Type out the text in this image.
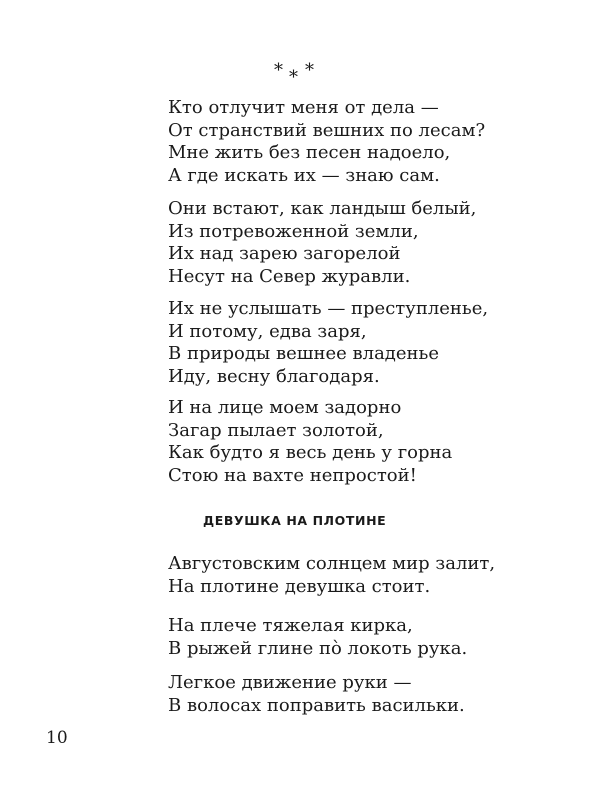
* * *
Кто отлучит меня от дела —
От странствий вешних по лесам?
Мне жить без песен надоело,
А где искать их — знаю сам.
Они встают, как ландыш белый,
Из потревоженной земли,
Их над зарею загорелой
Несут на Север журавли.
Их не услышать — преступленье,
И потому, едва заря,
В природы вешнее владенье
Иду, весну благодаря.
И на лице моем задорно
Загар пылает золотой,
Как будто я весь день у горна
Стою на вахте непростой!
ДЕВУШКА НА ПЛОТИНЕ
Августовским солнцем мир залит,
На плотине девушка стоит.
На плече тяжелая кирка,
В рыжей глине по̀ локоть рука.
Легкое движение руки —
В волосах поправить васильки.
10
